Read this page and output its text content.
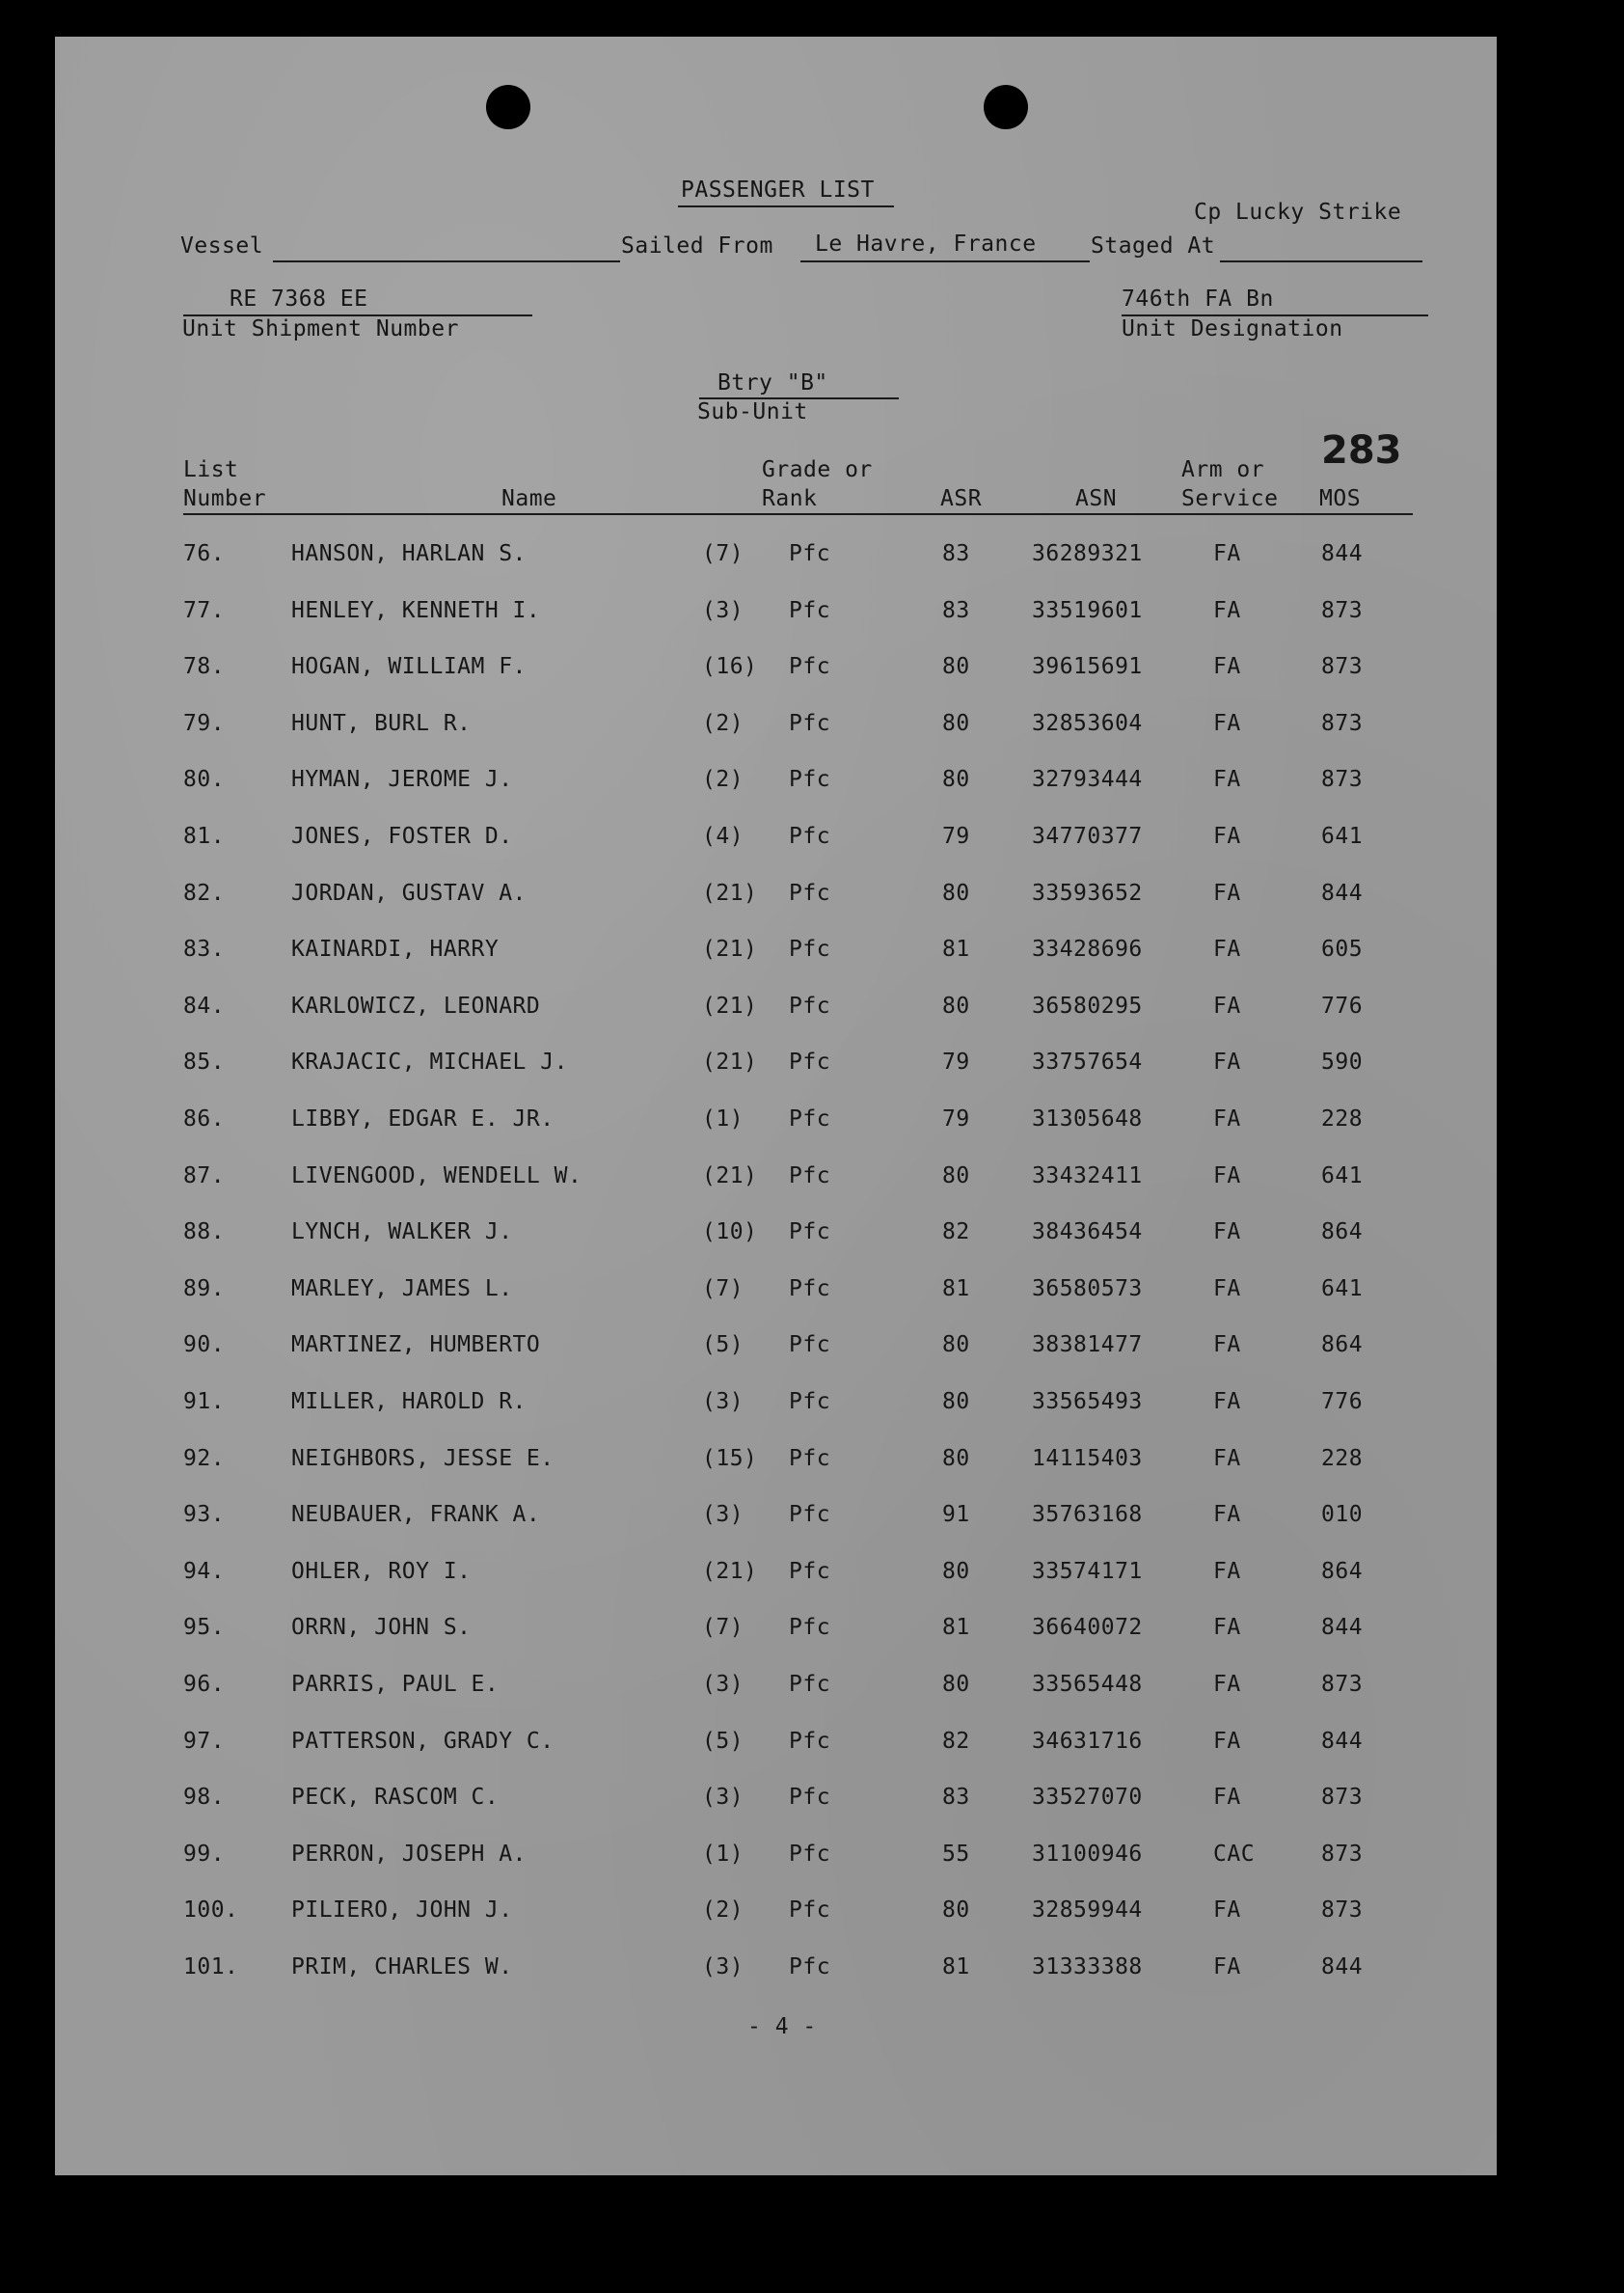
PASSENGER LIST
Cp Lucky Strike
Vessel	Sailed From Le Havre, France Staged At
RE 7368 EE
Unit Shipment Number
746th FA Bn
Unit Designation
Btry "B"
Sub-Unit
283
List
Number	Name
Grade or
Rank	ASR	ASN
Arm or
Service MOS
76.	HANSON, HARLAN S.	(7) Pfc	83	36289321	FA	844
77.	HENLEY, KENNETH I.	(3) Pfc	83	33519601	FA	873
78.	HOGAN, WILLIAM F.	(16) Pfc	80	39615691	FA	873
79.	HUNT, BURL R.	(2) Pfc	80	32853604	FA	873
80.	HYMAN, JEROME J.	(2) Pfc	80	32793444	FA	873
81.	JONES, FOSTER D.	(4) Pfc	79	34770377	FA	641
82.	JORDAN, GUSTAV A.	(21) Pfc	80	33593652	FA	844
83.	KAINARDI, HARRY	(21) Pfc	81	33428696	FA	605
84.	KARLOWICZ, LEONARD	(21) Pfc	80	36580295	FA	776
85.	KRAJACIC, MICHAEL J.	(21) Pfc	79	33757654	FA	590
86.	LIBBY, EDGAR E. JR.	(1) Pfc	79	31305648	FA	228
87.	LIVENGOOD, WENDELL W.	(21) Pfc	80	33432411	FA	641
88.	LYNCH, WALKER J.	(10) Pfc	82	38436454	FA	864
89.	MARLEY, JAMES L.	(7) Pfc	81	36580573	FA	641
90.	MARTINEZ, HUMBERTO	(5) Pfc	80	38381477	FA	864
91.	MILLER, HAROLD R.	(3) Pfc	80	33565493	FA	776
92.	NEIGHBORS, JESSE E.	(15) Pfc	80	14115403	FA	228
93.	NEUBAUER, FRANK A.	(3) Pfc	91	35763168	FA	010
94.	OHLER, ROY I.	(21) Pfc	80	33574171	FA	864
95.	ORRN, JOHN S.	(7) Pfc	81	36640072	FA	844
96.	PARRIS, PAUL E.	(3) Pfc	80	33565448	FA	873
97.	PATTERSON, GRADY C.	(5) Pfc	82	34631716	FA	844
98.	PECK, RASCOM C.	(3) Pfc	83	33527070	FA	873
99.	PERRON, JOSEPH A.	(1) Pfc	55	31100946	CAC	873
100. PILIERO, JOHN J.	(2) Pfc	80	32859944	FA	873
101. PRIM, CHARLES W.	(3) Pfc	81	31333388	FA	844
- 4 -
